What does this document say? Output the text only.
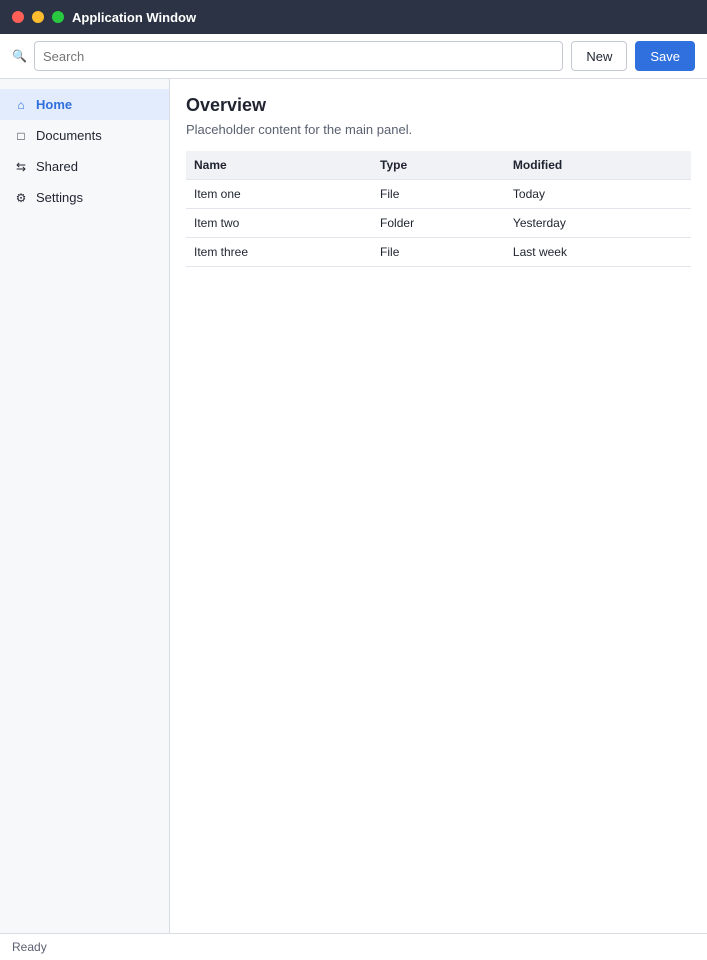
Application Window
🔍
Search	New	Save
⌂ Home
□ Documents
⇆ Shared
⚙ Settings
Overview

Placeholder content for the main panel.

Name	Type	Modified
Item one	File	Today
Item two	Folder	Yesterday
Item three	File	Last week
Ready
